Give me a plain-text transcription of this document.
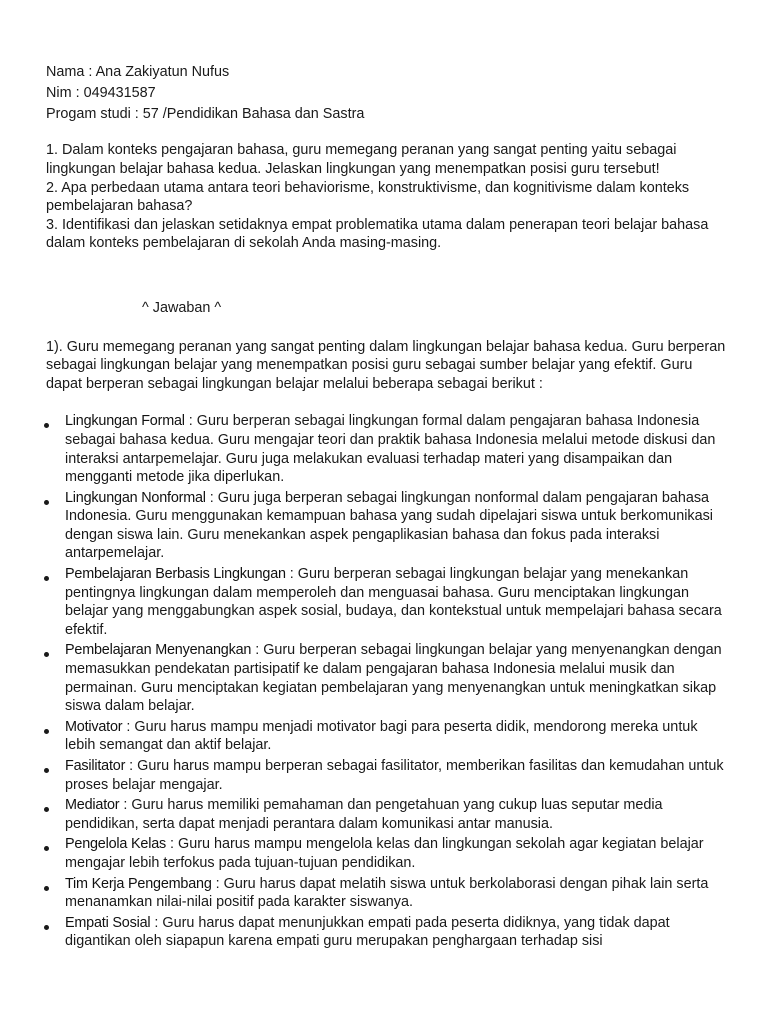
Nama : Ana Zakiyatun Nufus
Nim : 049431587
Progam studi : 57 /Pendidikan Bahasa dan Sastra

1. Dalam konteks pengajaran bahasa, guru memegang peranan yang sangat penting yaitu sebagai lingkungan belajar bahasa kedua. Jelaskan lingkungan yang menempatkan posisi guru tersebut!

2. Apa perbedaan utama antara teori behaviorisme, konstruktivisme, dan kognitivisme dalam konteks pembelajaran bahasa?

3. Identifikasi dan jelaskan setidaknya empat problematika utama dalam penerapan teori belajar bahasa dalam konteks pembelajaran di sekolah Anda masing-masing.

^ Jawaban ^

1). Guru memegang peranan yang sangat penting dalam lingkungan belajar bahasa kedua. Guru berperan sebagai lingkungan belajar yang menempatkan posisi guru sebagai sumber belajar yang efektif. Guru dapat berperan sebagai lingkungan belajar melalui beberapa sebagai berikut :

Lingkungan Formal : Guru berperan sebagai lingkungan formal dalam pengajaran bahasa Indonesia sebagai bahasa kedua. Guru mengajar teori dan praktik bahasa Indonesia melalui metode diskusi dan interaksi antarpemelajar. Guru juga melakukan evaluasi terhadap materi yang disampaikan dan mengganti metode jika diperlukan.
Lingkungan Nonformal : Guru juga berperan sebagai lingkungan nonformal dalam pengajaran bahasa Indonesia. Guru menggunakan kemampuan bahasa yang sudah dipelajari siswa untuk berkomunikasi dengan siswa lain. Guru menekankan aspek pengaplikasian bahasa dan fokus pada interaksi antarpemelajar.
Pembelajaran Berbasis Lingkungan : Guru berperan sebagai lingkungan belajar yang menekankan pentingnya lingkungan dalam memperoleh dan menguasai bahasa. Guru menciptakan lingkungan belajar yang menggabungkan aspek sosial, budaya, dan kontekstual untuk mempelajari bahasa secara efektif.
Pembelajaran Menyenangkan : Guru berperan sebagai lingkungan belajar yang menyenangkan dengan memasukkan pendekatan partisipatif ke dalam pengajaran bahasa Indonesia melalui musik dan permainan. Guru menciptakan kegiatan pembelajaran yang menyenangkan untuk meningkatkan sikap siswa dalam belajar.
Motivator : Guru harus mampu menjadi motivator bagi para peserta didik, mendorong mereka untuk lebih semangat dan aktif belajar.
Fasilitator : Guru harus mampu berperan sebagai fasilitator, memberikan fasilitas dan kemudahan untuk proses belajar mengajar.
Mediator : Guru harus memiliki pemahaman dan pengetahuan yang cukup luas seputar media pendidikan, serta dapat menjadi perantara dalam komunikasi antar manusia.
Pengelola Kelas : Guru harus mampu mengelola kelas dan lingkungan sekolah agar kegiatan belajar mengajar lebih terfokus pada tujuan-tujuan pendidikan.
Tim Kerja Pengembang : Guru harus dapat melatih siswa untuk berkolaborasi dengan pihak lain serta menanamkan nilai-nilai positif pada karakter siswanya.
Empati Sosial : Guru harus dapat menunjukkan empati pada peserta didiknya, yang tidak dapat digantikan oleh siapapun karena empati guru merupakan penghargaan terhadap sisi
